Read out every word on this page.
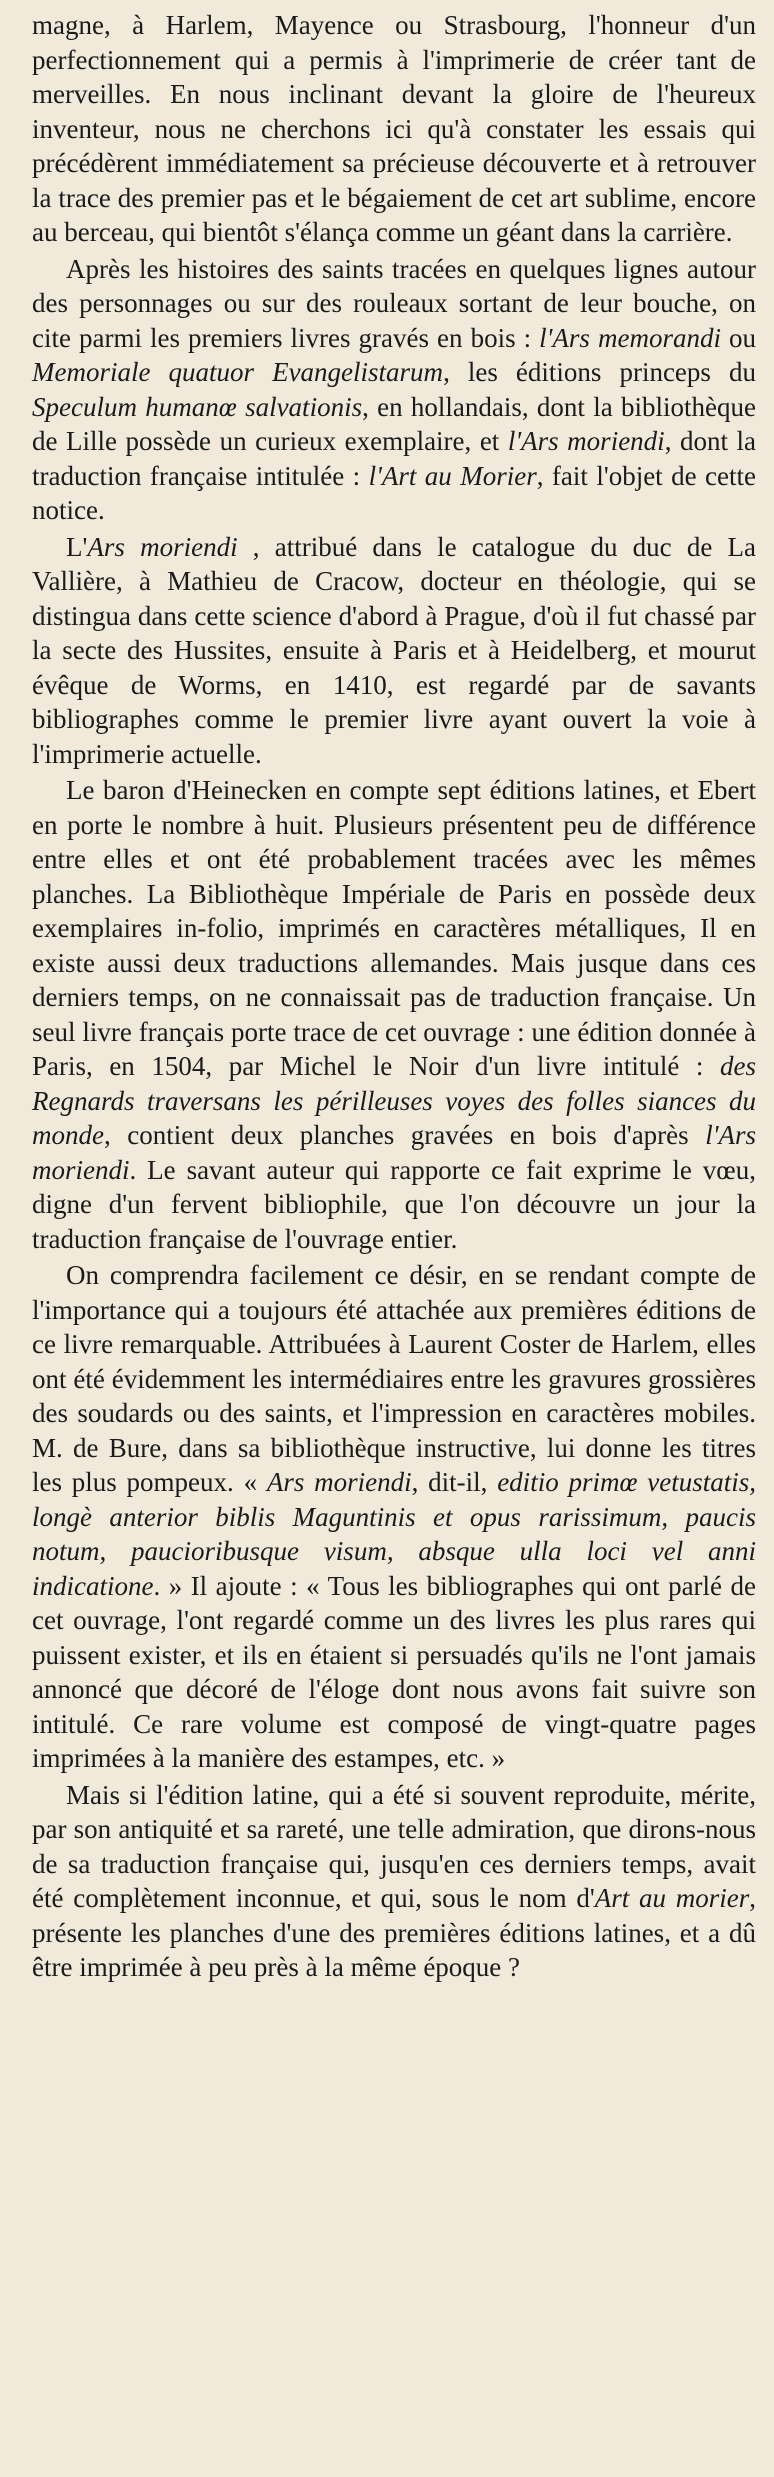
magne, à Harlem, Mayence ou Strasbourg, l'honneur d'un perfectionnement qui a permis à l'imprimerie de créer tant de merveilles. En nous inclinant devant la gloire de l'heureux inventeur, nous ne cherchons ici qu'à constater les essais qui précédèrent immédiatement sa précieuse découverte et à retrouver la trace des premier pas et le bégaiement de cet art sublime, encore au berceau, qui bientôt s'élança comme un géant dans la carrière.

Après les histoires des saints tracées en quelques lignes autour des personnages ou sur des rouleaux sortant de leur bouche, on cite parmi les premiers livres gravés en bois : l'Ars memorandi ou Memoriale quatuor Evangelistarum, les éditions princeps du Speculum humanœ salvationis, en hollandais, dont la bibliothèque de Lille possède un curieux exemplaire, et l'Ars moriendi, dont la traduction française intitulée : l'Art au Morier, fait l'objet de cette notice.

L'Ars moriendi , attribué dans le catalogue du duc de La Vallière, à Mathieu de Cracow, docteur en théologie, qui se distingua dans cette science d'abord à Prague, d'où il fut chassé par la secte des Hussites, ensuite à Paris et à Heidelberg, et mourut évêque de Worms, en 1410, est regardé par de savants bibliographes comme le premier livre ayant ouvert la voie à l'imprimerie actuelle.

Le baron d'Heinecken en compte sept éditions latines, et Ebert en porte le nombre à huit. Plusieurs présentent peu de différence entre elles et ont été probablement tracées avec les mêmes planches. La Bibliothèque Impériale de Paris en possède deux exemplaires in-folio, imprimés en caractères métalliques, Il en existe aussi deux traductions allemandes. Mais jusque dans ces derniers temps, on ne connaissait pas de traduction française. Un seul livre français porte trace de cet ouvrage : une édition donnée à Paris, en 1504, par Michel le Noir d'un livre intitulé : des Regnards traversans les périlleuses voyes des folles siances du monde, contient deux planches gravées en bois d'après l'Ars moriendi. Le savant auteur qui rapporte ce fait exprime le vœu, digne d'un fervent bibliophile, que l'on découvre un jour la traduction française de l'ouvrage entier.

On comprendra facilement ce désir, en se rendant compte de l'importance qui a toujours été attachée aux premières éditions de ce livre remarquable. Attribuées à Laurent Coster de Harlem, elles ont été évidemment les intermédiaires entre les gravures grossières des soudards ou des saints, et l'impression en caractères mobiles. M. de Bure, dans sa bibliothèque instructive, lui donne les titres les plus pompeux. « Ars moriendi, dit-il, editio primœ vetustatis, longè anterior biblis Maguntinis et opus rarissimum, paucis notum, paucioribusque visum, absque ulla loci vel anni indicatione. » Il ajoute : « Tous les bibliographes qui ont parlé de cet ouvrage, l'ont regardé comme un des livres les plus rares qui puissent exister, et ils en étaient si persuadés qu'ils ne l'ont jamais annoncé que décoré de l'éloge dont nous avons fait suivre son intitulé. Ce rare volume est composé de vingt-quatre pages imprimées à la manière des estampes, etc. »

Mais si l'édition latine, qui a été si souvent reproduite, mérite, par son antiquité et sa rareté, une telle admiration, que dirons-nous de sa traduction française qui, jusqu'en ces derniers temps, avait été complètement inconnue, et qui, sous le nom d'Art au morier, présente les planches d'une des premières éditions latines, et a dû être imprimée à peu près à la même époque ?
